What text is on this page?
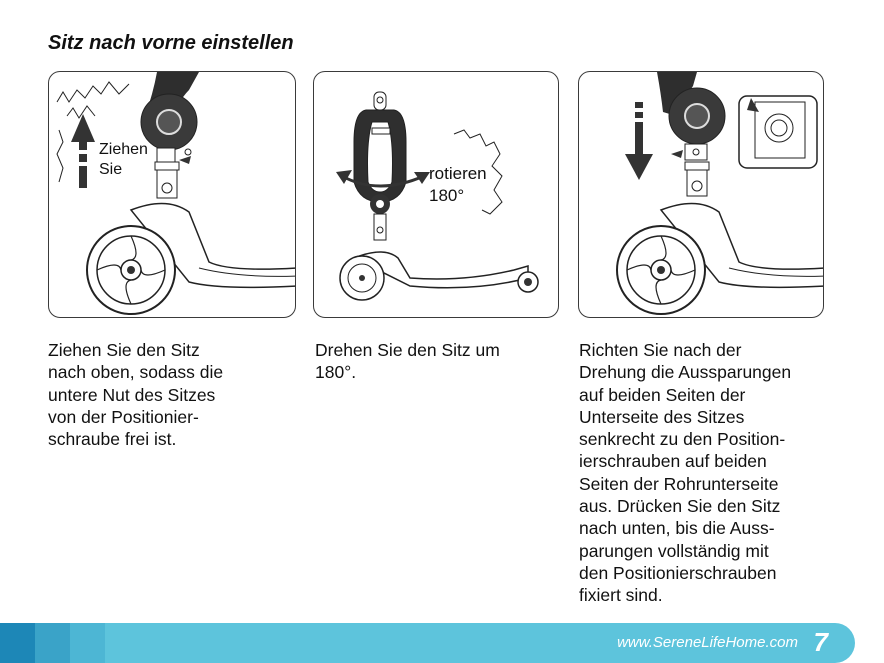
Sitz nach vorne einstellen
Ziehen
Sie	rotieren
180°
Ziehen Sie den Sitz
nach oben, sodass die
untere Nut des Sitzes
von der Positionier-
schraube frei ist.
Drehen Sie den Sitz um
180°.
Richten Sie nach der
Drehung die Aussparungen
auf beiden Seiten der
Unterseite des Sitzes
senkrecht zu den Position-
ierschrauben auf beiden
Seiten der Rohrunterseite
aus. Drücken Sie den Sitz
nach unten, bis die Auss-
parungen vollständig mit
den Positionierschrauben
fixiert sind.
www.SereneLifeHome.com 7
